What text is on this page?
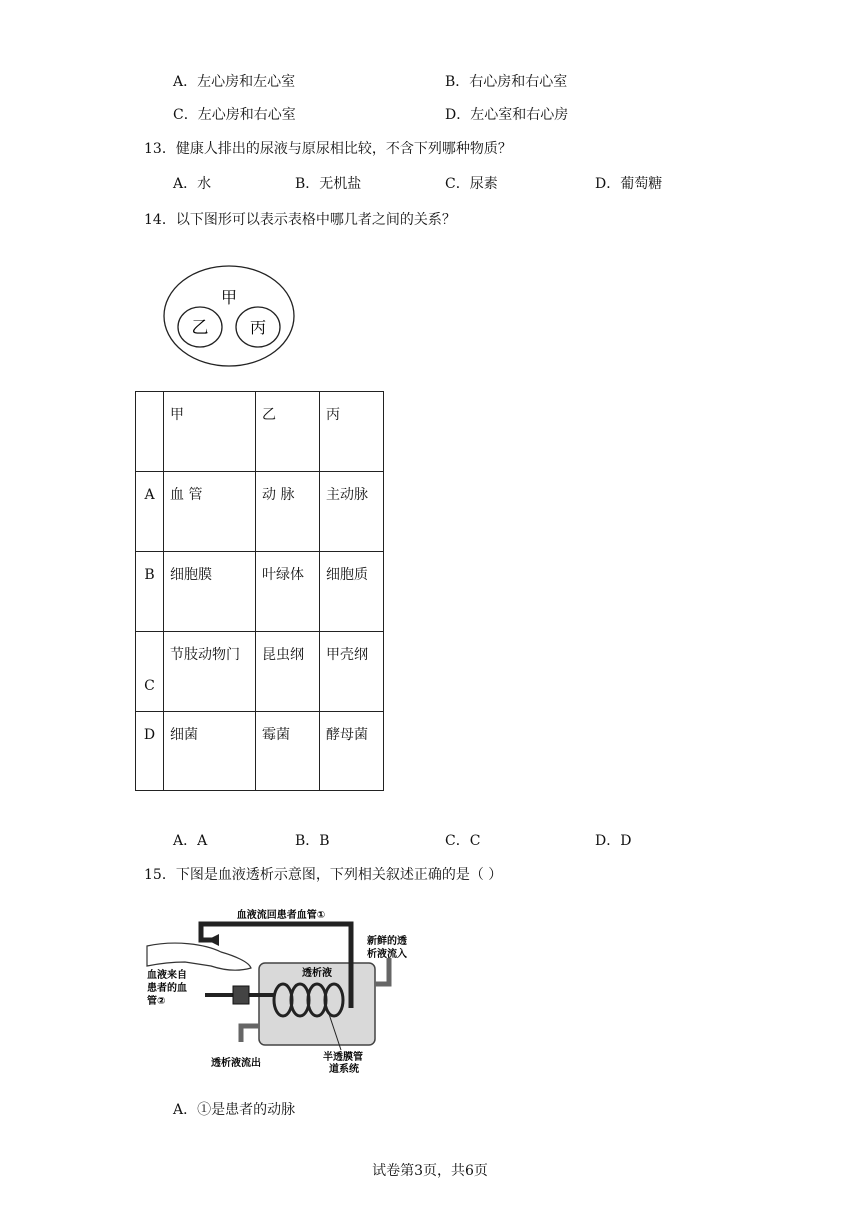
A．左心房和左心室	B．右心房和右心室
C．左心房和右心室	D．左心室和右心房
13．健康人排出的尿液与原尿相比较，不含下列哪种物质？
A．水	B．无机盐	C．尿素	D．葡萄糖
14．以下图形可以表示表格中哪几者之间的关系？
甲
乙	丙
	甲	乙	丙
A	血 管	动 脉	主动脉
B	细胞膜	叶绿体	细胞质
C	节肢动物门	昆虫纲	甲壳纲
D	细菌	霉菌	酵母菌
A．A	B．B	C．C	D．D
15．下图是血液透析示意图，下列相关叙述正确的是（ ）
血液流回患者血管①
血液来自 患者的血 管②
新鲜的透 析液流入
透析液
透析液流出
半透膜管 道系统
A．①是患者的动脉
试卷第3页，共6页
